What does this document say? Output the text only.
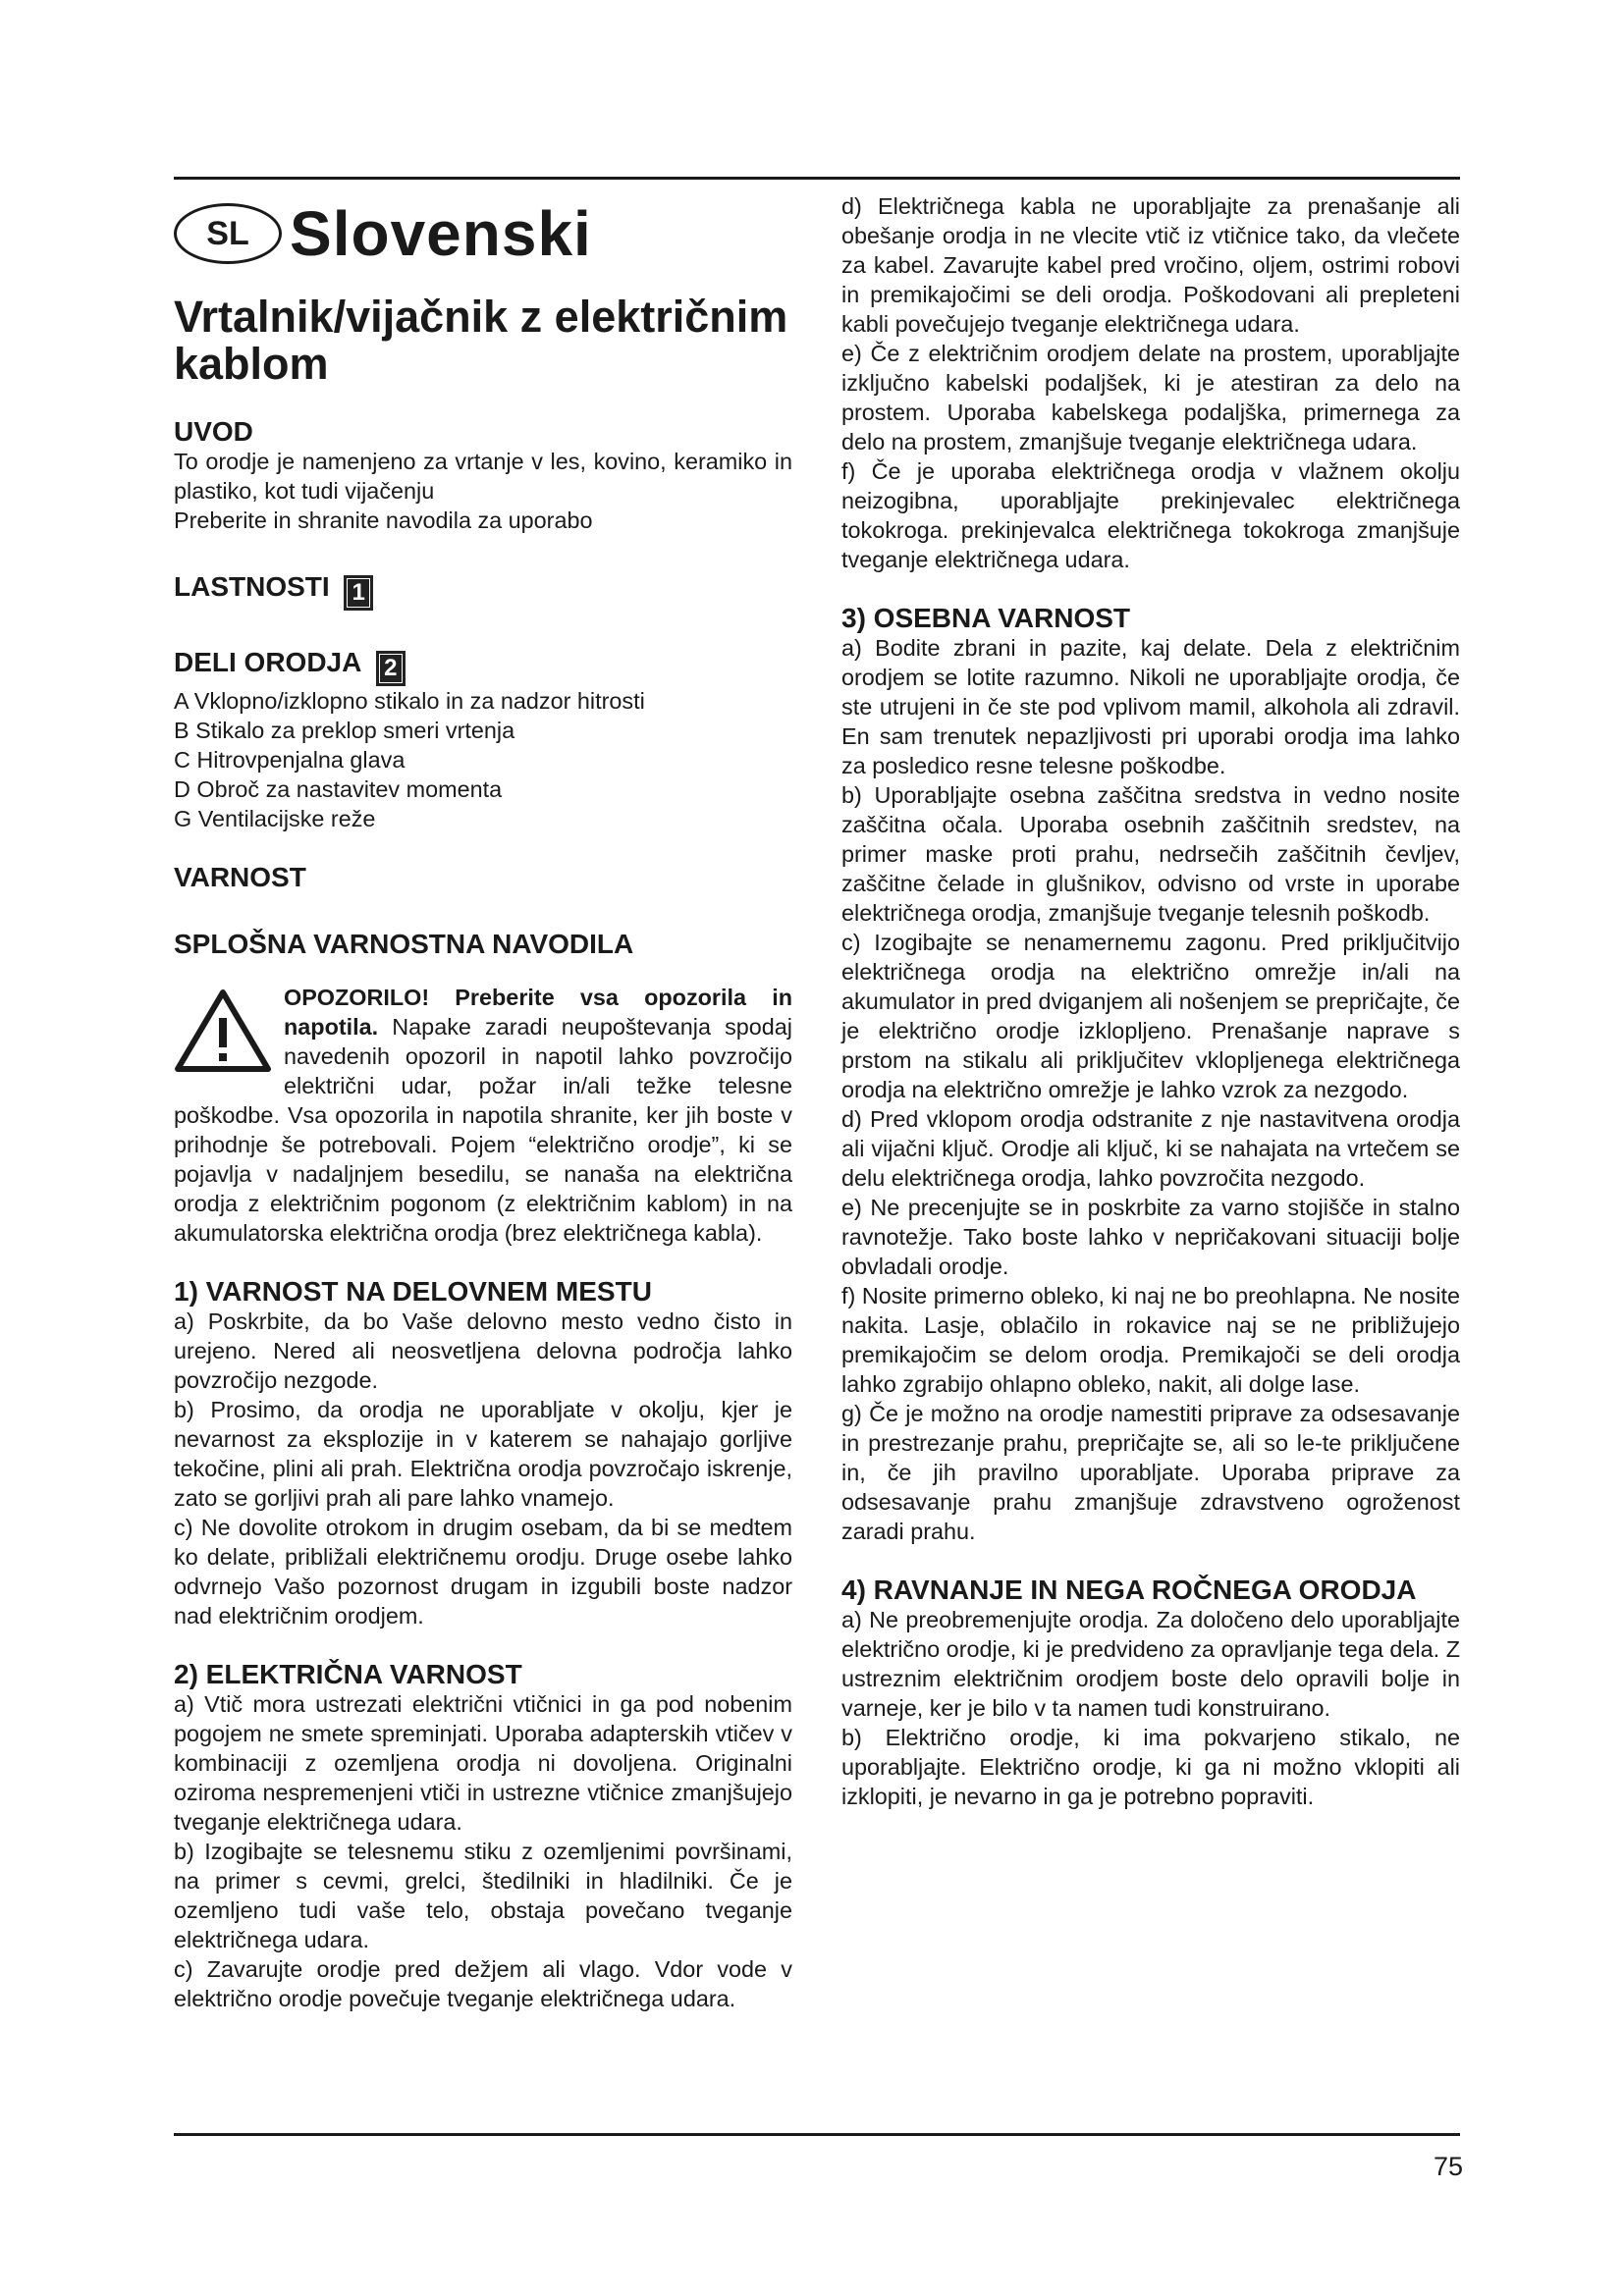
SL Slovenski
Vrtalnik/vijačnik z električnim kablom
UVOD

To orodje je namenjeno za vrtanje v les, kovino, keramiko in plastiko, kot tudi vijačenju

Preberite in shranite navodila za uporabo

LASTNOSTI 1
DELI ORODJA 2

A Vklopno/izklopno stikalo in za nadzor hitrosti

B Stikalo za preklop smeri vrtenja

C Hitrovpenjalna glava

D Obroč za nastavitev momenta

G Ventilacijske reže

VARNOST
SPLOŠNA VARNOSTNA NAVODILA

OPOZORILO! Preberite vsa opozorila in napotila. Napake zaradi neupoštevanja spodaj navedenih opozoril in napotil lahko povzročijo električni udar, požar in/ali težke telesne poškodbe. Vsa opozorila in napotila shranite, ker jih boste v prihodnje še potrebovali. Pojem “električno orodje”, ki se pojavlja v nadaljnjem besedilu, se nanaša na električna orodja z električnim pogonom (z električnim kablom) in na akumulatorska električna orodja (brez električnega kabla).

1) VARNOST NA DELOVNEM MESTU

a) Poskrbite, da bo Vaše delovno mesto vedno čisto in urejeno. Nered ali neosvetljena delovna področja lahko povzročijo nezgode.

b) Prosimo, da orodja ne uporabljate v okolju, kjer je nevarnost za eksplozije in v katerem se nahajajo gorljive tekočine, plini ali prah. Električna orodja povzročajo iskrenje, zato se gorljivi prah ali pare lahko vnamejo.

c) Ne dovolite otrokom in drugim osebam, da bi se medtem ko delate, približali električnemu orodju. Druge osebe lahko odvrnejo Vašo pozornost drugam in izgubili boste nadzor nad električnim orodjem.

2) ELEKTRIČNA VARNOST

a) Vtič mora ustrezati električni vtičnici in ga pod nobenim pogojem ne smete spreminjati. Uporaba adapterskih vtičev v kombinaciji z ozemljena orodja ni dovoljena. Originalni oziroma nespremenjeni vtiči in ustrezne vtičnice zmanjšujejo tveganje električnega udara.

b) Izogibajte se telesnemu stiku z ozemljenimi površinami, na primer s cevmi, grelci, štedilniki in hladilniki. Če je ozemljeno tudi vaše telo, obstaja povečano tveganje električnega udara.

c) Zavarujte orodje pred dežjem ali vlago. Vdor vode v električno orodje povečuje tveganje električnega udara.

d) Električnega kabla ne uporabljajte za prenašanje ali obešanje orodja in ne vlecite vtič iz vtičnice tako, da vlečete za kabel. Zavarujte kabel pred vročino, oljem, ostrimi robovi in premikajočimi se deli orodja. Poškodovani ali prepleteni kabli povečujejo tveganje električnega udara.

e) Če z električnim orodjem delate na prostem, uporabljajte izključno kabelski podaljšek, ki je atestiran za delo na prostem. Uporaba kabelskega podaljška, primernega za delo na prostem, zmanjšuje tveganje električnega udara.

f) Če je uporaba električnega orodja v vlažnem okolju neizogibna, uporabljajte prekinjevalec električnega tokokroga. prekinjevalca električnega tokokroga zmanjšuje tveganje električnega udara.

3) OSEBNA VARNOST

a) Bodite zbrani in pazite, kaj delate. Dela z električnim orodjem se lotite razumno. Nikoli ne uporabljajte orodja, če ste utrujeni in če ste pod vplivom mamil, alkohola ali zdravil. En sam trenutek nepazljivosti pri uporabi orodja ima lahko za posledico resne telesne poškodbe.

b) Uporabljajte osebna zaščitna sredstva in vedno nosite zaščitna očala. Uporaba osebnih zaščitnih sredstev, na primer maske proti prahu, nedrsečih zaščitnih čevljev, zaščitne čelade in glušnikov, odvisno od vrste in uporabe električnega orodja, zmanjšuje tveganje telesnih poškodb.

c) Izogibajte se nenamernemu zagonu. Pred priključitvijo električnega orodja na električno omrežje in/ali na akumulator in pred dviganjem ali nošenjem se prepričajte, če je električno orodje izklopljeno. Prenašanje naprave s prstom na stikalu ali priključitev vklopljenega električnega orodja na električno omrežje je lahko vzrok za nezgodo.

d) Pred vklopom orodja odstranite z nje nastavitvena orodja ali vijačni ključ. Orodje ali ključ, ki se nahajata na vrtečem se delu električnega orodja, lahko povzročita nezgodo.

e) Ne precenjujte se in poskrbite za varno stojišče in stalno ravnotežje. Tako boste lahko v nepričakovani situaciji bolje obvladali orodje.

f) Nosite primerno obleko, ki naj ne bo preohlapna. Ne nosite nakita. Lasje, oblačilo in rokavice naj se ne približujejo premikajočim se delom orodja. Premikajoči se deli orodja lahko zgrabijo ohlapno obleko, nakit, ali dolge lase.

g) Če je možno na orodje namestiti priprave za odsesavanje in prestrezanje prahu, prepričajte se, ali so le-te priključene in, če jih pravilno uporabljate. Uporaba priprave za odsesavanje prahu zmanjšuje zdravstveno ogroženost zaradi prahu.

4) RAVNANJE IN NEGA ROČNEGA ORODJA

a) Ne preobremenjujte orodja. Za določeno delo uporabljajte električno orodje, ki je predvideno za opravljanje tega dela. Z ustreznim električnim orodjem boste delo opravili bolje in varneje, ker je bilo v ta namen tudi konstruirano.

b) Električno orodje, ki ima pokvarjeno stikalo, ne uporabljajte. Električno orodje, ki ga ni možno vklopiti ali izklopiti, je nevarno in ga je potrebno popraviti.

75
